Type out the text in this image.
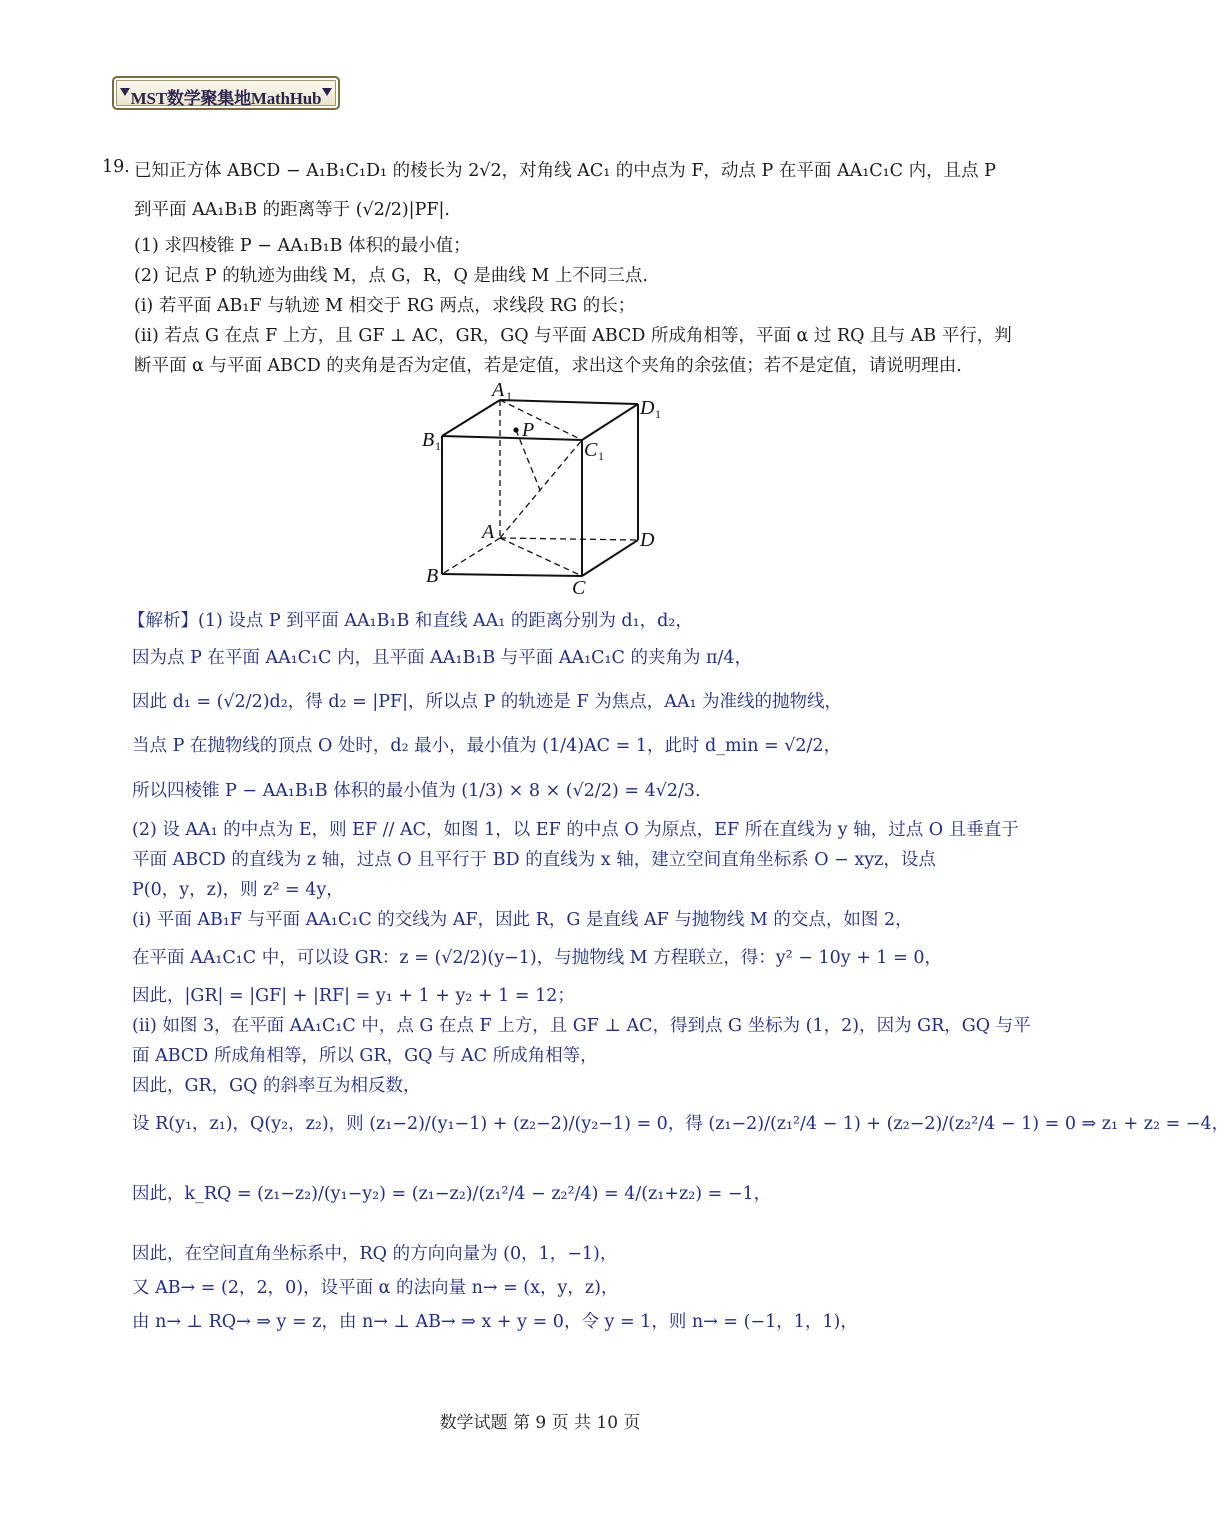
MST数学聚集地MathHub
19. 已知正方体 ABCD − A₁B₁C₁D₁ 的棱长为 2√2，对角线 AC₁ 的中点为 F，动点 P 在平面 AA₁C₁C 内，且点 P
到平面 AA₁B₁B 的距离等于 (√2/2)|PF|.
(1) 求四棱锥 P − AA₁B₁B 体积的最小值；
(2) 记点 P 的轨迹为曲线 M，点 G，R，Q 是曲线 M 上不同三点.
(i) 若平面 AB₁F 与轨迹 M 相交于 RG 两点，求线段 RG 的长；
(ii) 若点 G 在点 F 上方，且 GF ⊥ AC，GR，GQ 与平面 ABCD 所成角相等，平面 α 过 RQ 且与 AB 平行，判
断平面 α 与平面 ABCD 的夹角是否为定值，若是定值，求出这个夹角的余弦值；若不是定值，请说明理由.
A 1
D 1
B 1	C 1
P
A	D
B
C
【解析】(1) 设点 P 到平面 AA₁B₁B 和直线 AA₁ 的距离分别为 d₁，d₂，
因为点 P 在平面 AA₁C₁C 内，且平面 AA₁B₁B 与平面 AA₁C₁C 的夹角为 π/4，
因此 d₁ = (√2/2)d₂，得 d₂ = |PF|，所以点 P 的轨迹是 F 为焦点，AA₁ 为准线的抛物线，
当点 P 在抛物线的顶点 O 处时，d₂ 最小，最小值为 (1/4)AC = 1，此时 d_min = √2/2，
所以四棱锥 P − AA₁B₁B 体积的最小值为 (1/3) × 8 × (√2/2) = 4√2/3.
(2) 设 AA₁ 的中点为 E，则 EF // AC，如图 1，以 EF 的中点 O 为原点，EF 所在直线为 y 轴，过点 O 且垂直于
平面 ABCD 的直线为 z 轴，过点 O 且平行于 BD 的直线为 x 轴，建立空间直角坐标系 O − xyz，设点
P(0，y，z)，则 z² = 4y，
(i) 平面 AB₁F 与平面 AA₁C₁C 的交线为 AF，因此 R，G 是直线 AF 与抛物线 M 的交点，如图 2，
在平面 AA₁C₁C 中，可以设 GR：z = (√2/2)(y−1)，与抛物线 M 方程联立，得：y² − 10y + 1 = 0，
因此，|GR| = |GF| + |RF| = y₁ + 1 + y₂ + 1 = 12；
(ii) 如图 3，在平面 AA₁C₁C 中，点 G 在点 F 上方，且 GF ⊥ AC，得到点 G 坐标为 (1，2)，因为 GR，GQ 与平
面 ABCD 所成角相等，所以 GR，GQ 与 AC 所成角相等，
因此，GR，GQ 的斜率互为相反数，
设 R(y₁，z₁)，Q(y₂，z₂)，则 (z₁−2)/(y₁−1) + (z₂−2)/(y₂−1) = 0，得 (z₁−2)/(z₁²/4 − 1) + (z₂−2)/(z₂²/4 − 1) = 0 ⇒ z₁ + z₂ = −4，
因此，k_RQ = (z₁−z₂)/(y₁−y₂) = (z₁−z₂)/(z₁²/4 − z₂²/4) = 4/(z₁+z₂) = −1，
因此，在空间直角坐标系中，RQ 的方向向量为 (0，1，−1)，
又 AB→ = (2，2，0)，设平面 α 的法向量 n→ = (x，y，z)，
由 n→ ⊥ RQ→ ⇒ y = z，由 n→ ⊥ AB→ ⇒ x + y = 0，令 y = 1，则 n→ = (−1，1，1)，
数学试题 第 9 页 共 10 页
